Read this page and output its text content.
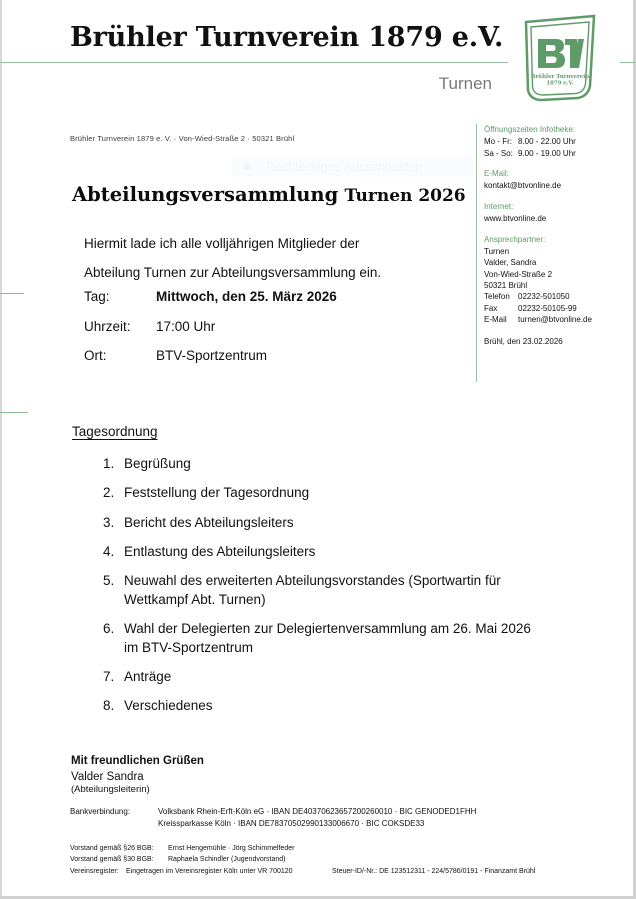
Brühler Turnverein 1879 e.V.
Turnen	Brühler Turnverein
1879 e.V.
Brühler Turnverein 1879 e. V. · Von-Wied-Straße 2 · 50321 Brühl
Rechteckiges Ausschneiden
Abteilungsversammlung Turnen 2026

Hiermit lade ich alle volljährigen Mitglieder der

Abteilung Turnen zur Abteilungsversammlung ein.

Tag:	Mittwoch, den 25. März 2026
Uhrzeit:	17:00 Uhr
Ort:	BTV-Sportzentrum
Tagesordnung
1. Begrüßung
2. Feststellung der Tagesordnung
3. Bericht des Abteilungsleiters
4. Entlastung des Abteilungsleiters
5. Neuwahl des erweiterten Abteilungsvorstandes (Sportwartin für Wettkampf Abt. Turnen)
6. Wahl der Delegierten zur Delegiertenversammlung am 26. Mai 2026 im BTV-Sportzentrum
7. Anträge
8. Verschiedenes
Mit freundlichen Grüßen
Valder Sandra
(Abteilungsleiterin)
Öffnungszeiten Infotheke:
Mo - Fr: 8.00 - 22.00 Uhr
Sa - So: 9.00 - 19.00 Uhr
E-Mail:
kontakt@btvonline.de
Internet:
www.btvonline.de
Ansprechpartner:
Turnen
Valder, Sandra
Von-Wied-Straße 2
50321 Brühl
Telefon	02232-501050
Fax	02232-50105-99
E-Mail	turnen@btvonline.de
Brühl, den 23.02.2026
Bankverbindung:	Volksbank Rhein-Erft-Köln eG · IBAN DE40370623657200260010 · BIC GENODED1FHH
Kreissparkasse Köln · IBAN DE78370502990133006670 · BIC COKSDE33
Vorstand gemäß §26 BGB:	Ernst Hengemühle · Jörg Schimmelfeder
Vorstand gemäß §30 BGB:	Raphaela Schindler (Jugendvorstand)
Vereinsregister:	Eingetragen im Vereinsregister Köln unter VR 700120	Steuer-ID/-Nr.: DE 123512311 - 224/5786/0191 - Finanzamt Brühl
